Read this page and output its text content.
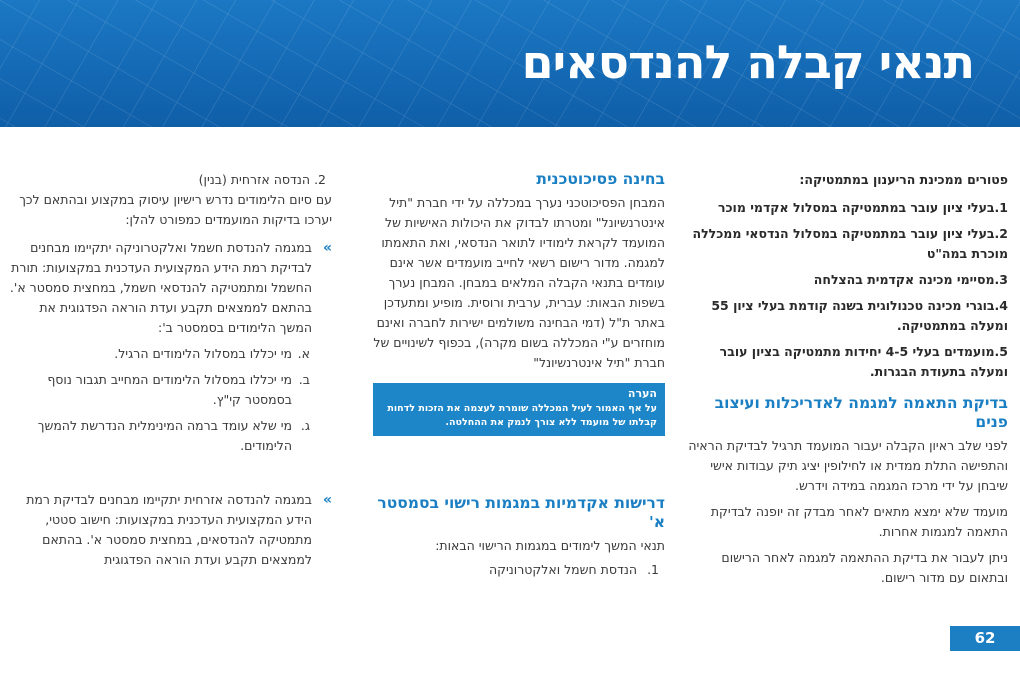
תנאי קבלה להנדסאים
פטורים ממכינת הריענון במתמטיקה:
1.בעלי ציון עובר במתמטיקה במסלול אקדמי מוכר
2.בעלי ציון עובר במתמטיקה במסלול הנדסאי ממכללה מוכרת במה"ט
3.מסיימי מכינה אקדמית בהצלחה
4.בוגרי מכינה טכנולוגית בשנה קודמת בעלי ציון 55 ומעלה במתמטיקה.
5.מועמדים בעלי 4-5 יחידות מתמטיקה בציון עובר ומעלה בתעודת הבגרות.
בדיקת התאמה למגמה לאדריכלות ועיצוב פנים

לפני שלב ראיון הקבלה יעבור המועמד תרגיל לבדיקת הראיה והתפישה התלת ממדית או לחילופין יציג תיק עבודות אישי שיבחן על ידי מרכז המגמה במידה וידרש.

מועמד שלא ימצא מתאים לאחר מבדק זה יופנה לבדיקת התאמה למגמות אחרות.

ניתן לעבור את בדיקת ההתאמה למגמה לאחר הרישום ובתאום עם מדור רישום.

בחינה פסיכוטכנית

המבחן הפסיכוטכני נערך במכללה על ידי חברת "תיל אינטרנשיונל" ומטרתו לבדוק את היכולות האישיות של המועמד לקראת לימודיו לתואר הנדסאי, ואת התאמתו למגמה. מדור רישום רשאי לחייב מועמדים אשר אינם עומדים בתנאי הקבלה המלאים במבחן. המבחן נערך בשפות הבאות: עברית, ערבית ורוסית. מופיע ומתעדכן באתר ת"ל (דמי הבחינה משולמים ישירות לחברה ואינם מוחזרים ע"י המכללה בשום מקרה), בכפוף לשינויים של חברת "תיל אינטרנשיונל"

הערה
על אף האמור לעיל המכללה שומרת לעצמה את הזכות לדחות קבלתו של מועמד ללא צורך לנמק את ההחלטה.
דרישות אקדמיות במגמות רישוי בסמסטר א'

תנאי המשך לימודים במגמות הרישוי הבאות:

1.
הנדסת חשמל ואלקטרוניקה
2.
הנדסה אזרחית (בנין)

עם סיום הלימודים נדרש רישיון עיסוק במקצוע ובהתאם לכך יערכו בדיקות המועמדים כמפורט להלן:

»
במגמה להנדסת חשמל ואלקטרוניקה יתקיימו מבחנים לבדיקת רמת הידע המקצועית העדכנית במקצועות: תורת החשמל ומתמטיקה להנדסאי חשמל, במחצית סמסטר א'. בהתאם לממצאים תקבע ועדת הוראה הפדגוגית את המשך הלימודים בסמסטר ב':
א.
מי יכללו במסלול הלימודים הרגיל.
ב.
מי יכללו במסלול הלימודים המחייב תגבור נוסף בסמסטר קי"ץ.
ג.
מי שלא עומד ברמה המינימלית הנדרשת להמשך הלימודים.
»
במגמה להנדסה אזרחית יתקיימו מבחנים לבדיקת רמת הידע המקצועית העדכנית במקצועות: חישוב סטטי, מתמטיקה להנדסאים, במחצית סמסטר א'. בהתאם לממצאים תקבע ועדת הוראה הפדגוגית
62
